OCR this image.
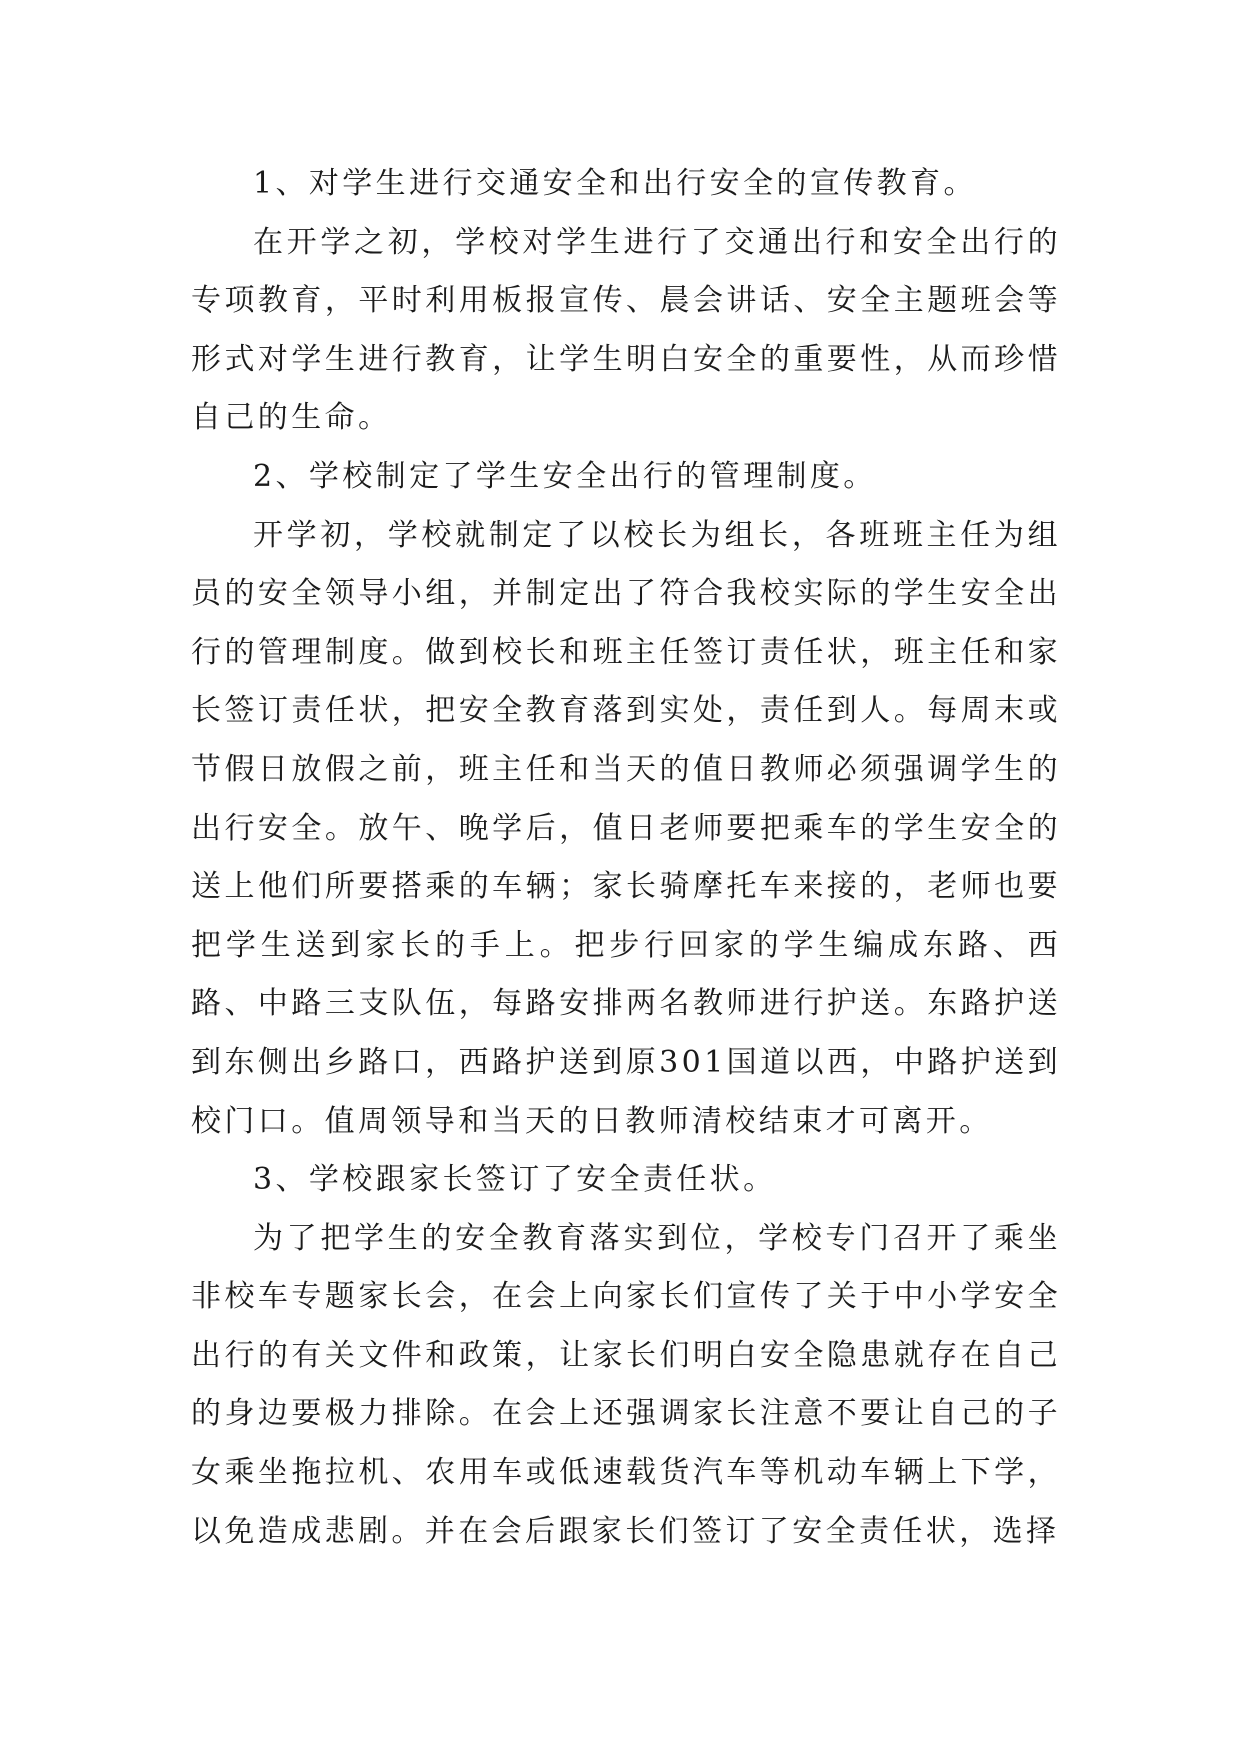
1、对学生进行交通安全和出行安全的宣传教育。

在开学之初，学校对学生进行了交通出行和安全出行的专项教育，平时利用板报宣传、晨会讲话、安全主题班会等形式对学生进行教育，让学生明白安全的重要性，从而珍惜自己的生命。

2、学校制定了学生安全出行的管理制度。

开学初，学校就制定了以校长为组长，各班班主任为组员的安全领导小组，并制定出了符合我校实际的学生安全出行的管理制度。做到校长和班主任签订责任状，班主任和家长签订责任状，把安全教育落到实处，责任到人。每周末或节假日放假之前，班主任和当天的值日教师必须强调学生的出行安全。放午、晚学后，值日老师要把乘车的学生安全的送上他们所要搭乘的车辆；家长骑摩托车来接的，老师也要把学生送到家长的手上。把步行回家的学生编成东路、西路、中路三支队伍，每路安排两名教师进行护送。东路护送到东侧出乡路口，西路护送到原301国道以西，中路护送到校门口。值周领导和当天的日教师清校结束才可离开。

3、学校跟家长签订了安全责任状。

为了把学生的安全教育落实到位，学校专门召开了乘坐非校车专题家长会，在会上向家长们宣传了关于中小学安全出行的有关文件和政策，让家长们明白安全隐患就存在自己的身边要极力排除。在会上还强调家长注意不要让自己的子女乘坐拖拉机、农用车或低速载货汽车等机动车辆上下学，以免造成悲剧。并在会后跟家长们签订了安全责任状，选择
